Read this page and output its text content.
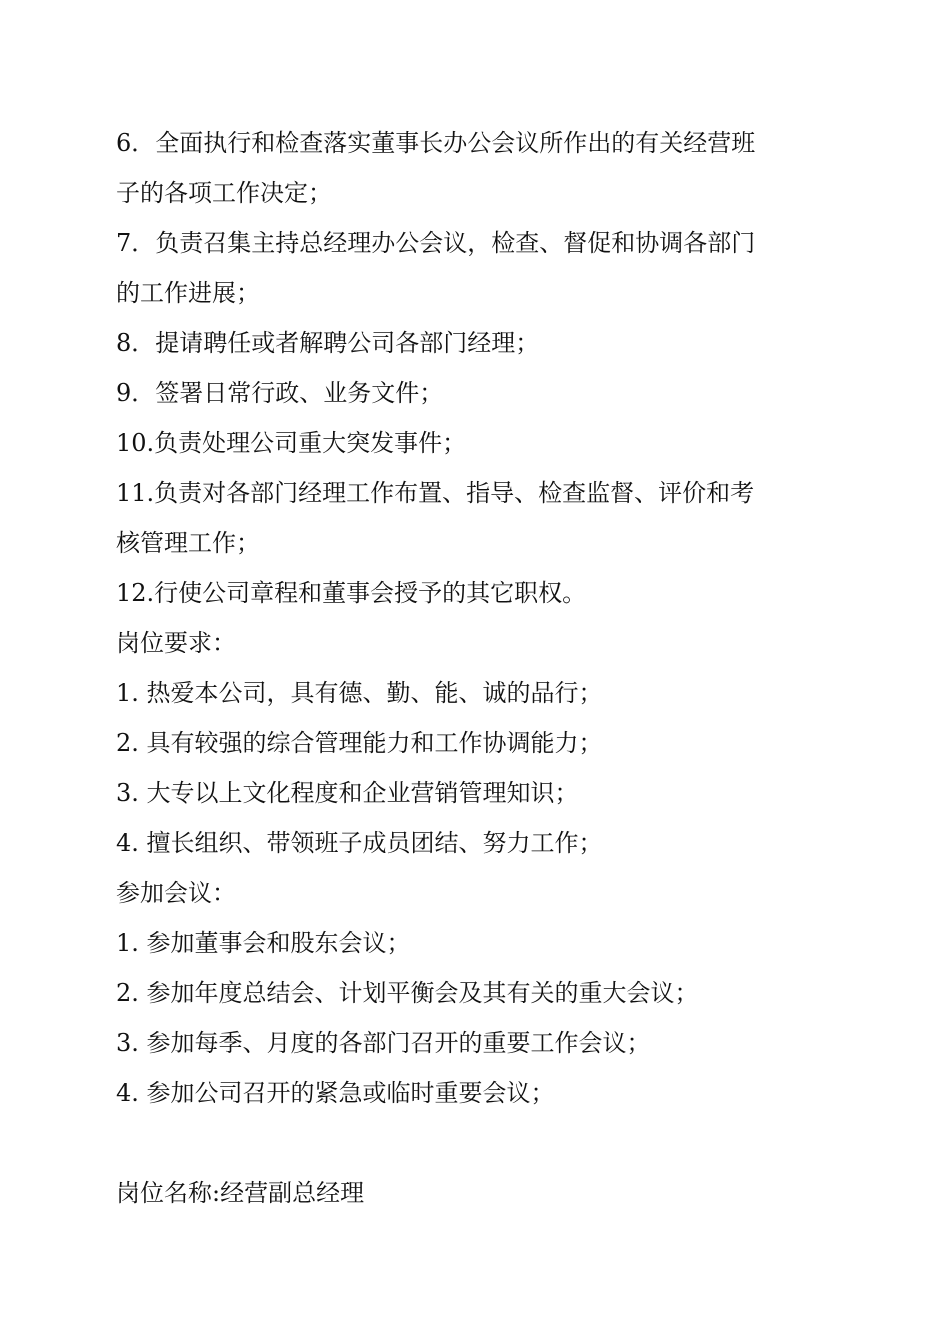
6．全面执行和检查落实董事长办公会议所作出的有关经营班
子的各项工作决定；
7．负责召集主持总经理办公会议，检查、督促和协调各部门
的工作进展；
8．提请聘任或者解聘公司各部门经理；
9．签署日常行政、业务文件；
10.负责处理公司重大突发事件；
11.负责对各部门经理工作布置、指导、检查监督、评价和考
核管理工作；
12.行使公司章程和董事会授予的其它职权。
岗位要求：
1. 热爱本公司，具有德、勤、能、诚的品行；
2. 具有较强的综合管理能力和工作协调能力；
3. 大专以上文化程度和企业营销管理知识；
4. 擅长组织、带领班子成员团结、努力工作；
参加会议：
1. 参加董事会和股东会议；
2. 参加年度总结会、计划平衡会及其有关的重大会议；
3. 参加每季、月度的各部门召开的重要工作会议；
4. 参加公司召开的紧急或临时重要会议；
岗位名称:经营副总经理
